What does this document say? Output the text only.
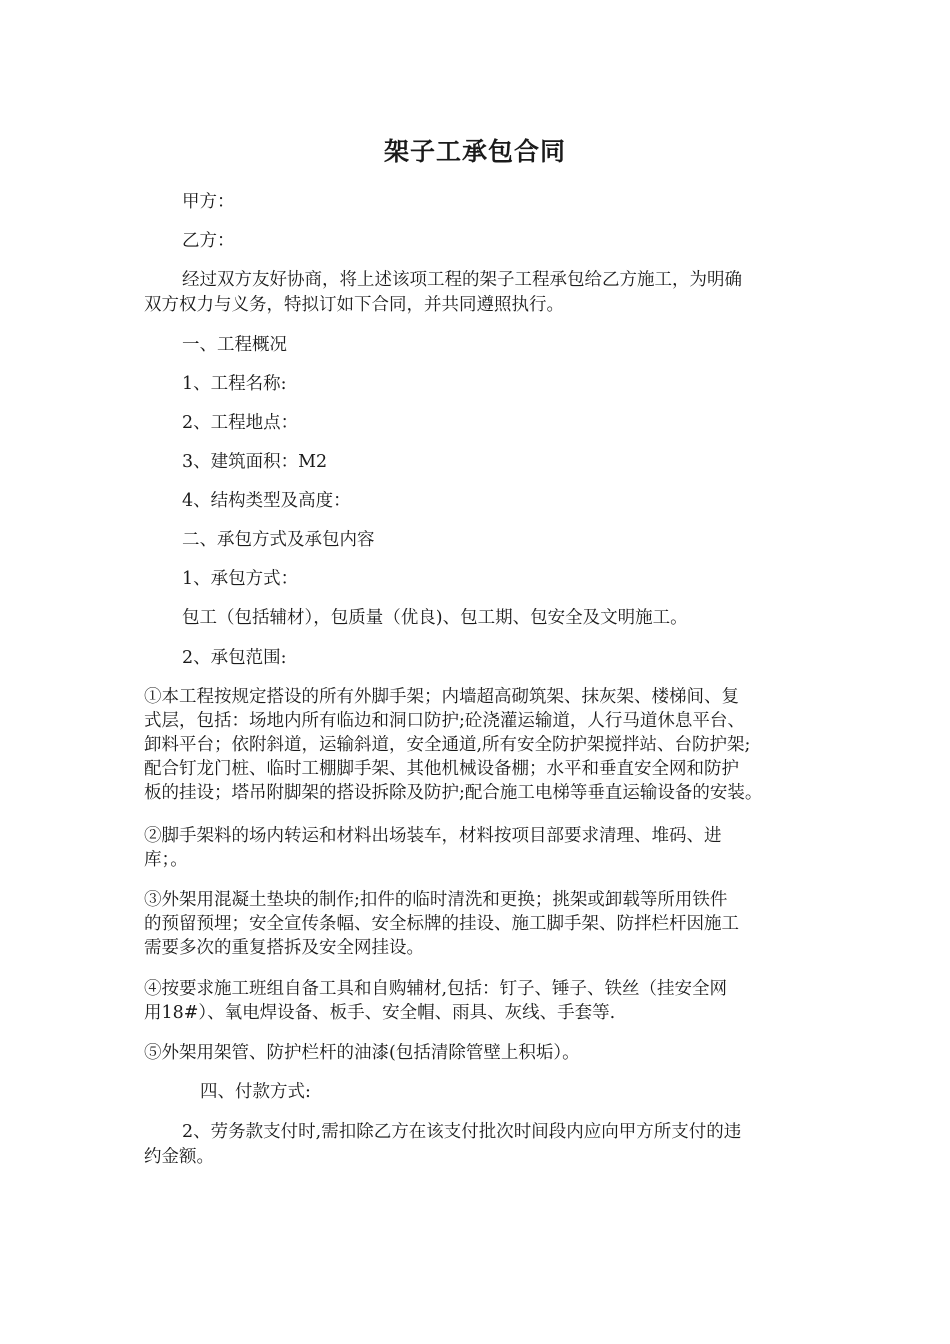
架子工承包合同
甲方：
乙方：
经过双方友好协商，将上述该项工程的架子工程承包给乙方施工，为明确
双方权力与义务，特拟订如下合同，并共同遵照执行。
一、工程概况
1、工程名称:
2、工程地点：
3、建筑面积：M2
4、结构类型及高度：
二、承包方式及承包内容
1、承包方式：
包工（包括辅材），包质量（优良)、包工期、包安全及文明施工。
2、承包范围:
①本工程按规定搭设的所有外脚手架；内墙超高砌筑架、抹灰架、楼梯间、复
式层，包括：场地内所有临边和洞口防护;砼浇灌运输道，人行马道休息平台、
卸料平台；依附斜道，运输斜道，安全通道,所有安全防护架搅拌站、台防护架;
配合钉龙门桩、临时工棚脚手架、其他机械设备棚；水平和垂直安全网和防护
板的挂设；塔吊附脚架的搭设拆除及防护;配合施工电梯等垂直运输设备的安装。
②脚手架料的场内转运和材料出场装车，材料按项目部要求清理、堆码、进
库；。
③外架用混凝土垫块的制作;扣件的临时清洗和更换；挑架或卸载等所用铁件
的预留预埋；安全宣传条幅、安全标牌的挂设、施工脚手架、防拌栏杆因施工
需要多次的重复搭拆及安全网挂设。
④按要求施工班组自备工具和自购辅材,包括：钉子、锤子、铁丝（挂安全网
用18#）、氧电焊设备、板手、安全帽、雨具、灰线、手套等.
⑤外架用架管、防护栏杆的油漆(包括清除管壁上积垢）。
四、付款方式:
2、劳务款支付时,需扣除乙方在该支付批次时间段内应向甲方所支付的违
约金额。
